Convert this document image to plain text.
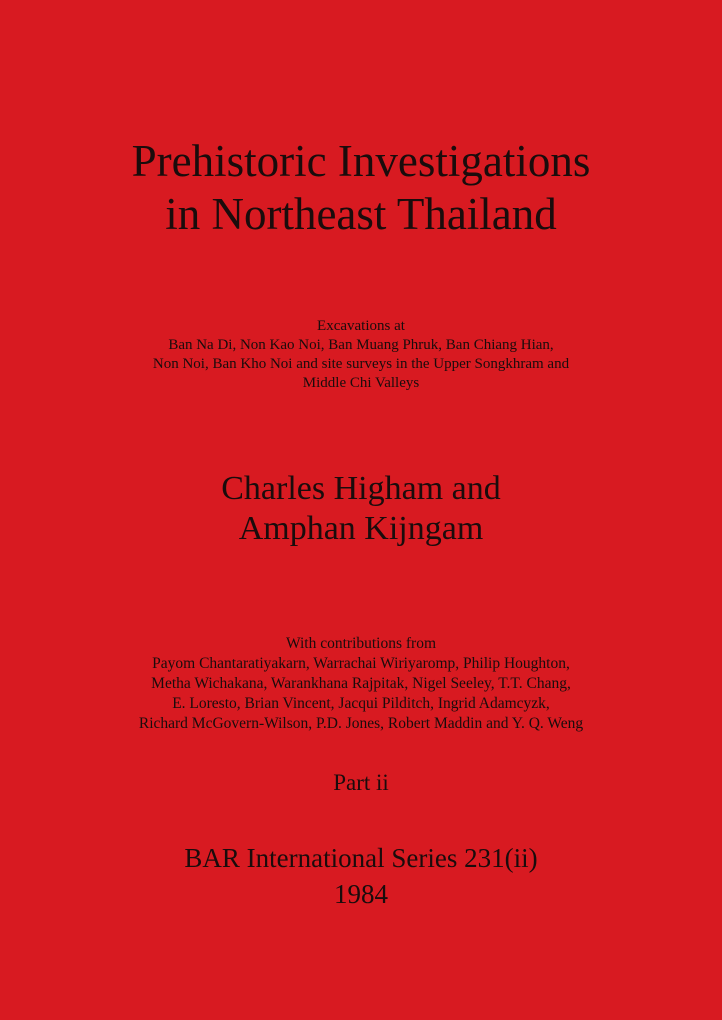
Prehistoric Investigations
in Northeast Thailand
Excavations at
Ban Na Di, Non Kao Noi, Ban Muang Phruk, Ban Chiang Hian,
Non Noi, Ban Kho Noi and site surveys in the Upper Songkhram and
Middle Chi Valleys
Charles Higham and
Amphan Kijngam
With contributions from
Payom Chantaratiyakarn, Warrachai Wiriyaromp, Philip Houghton,
Metha Wichakana, Warankhana Rajpitak, Nigel Seeley, T.T. Chang,
E. Loresto, Brian Vincent, Jacqui Pilditch, Ingrid Adamcyzk,
Richard McGovern-Wilson, P.D. Jones, Robert Maddin and Y. Q. Weng
Part ii
BAR International Series 231(ii)
1984
